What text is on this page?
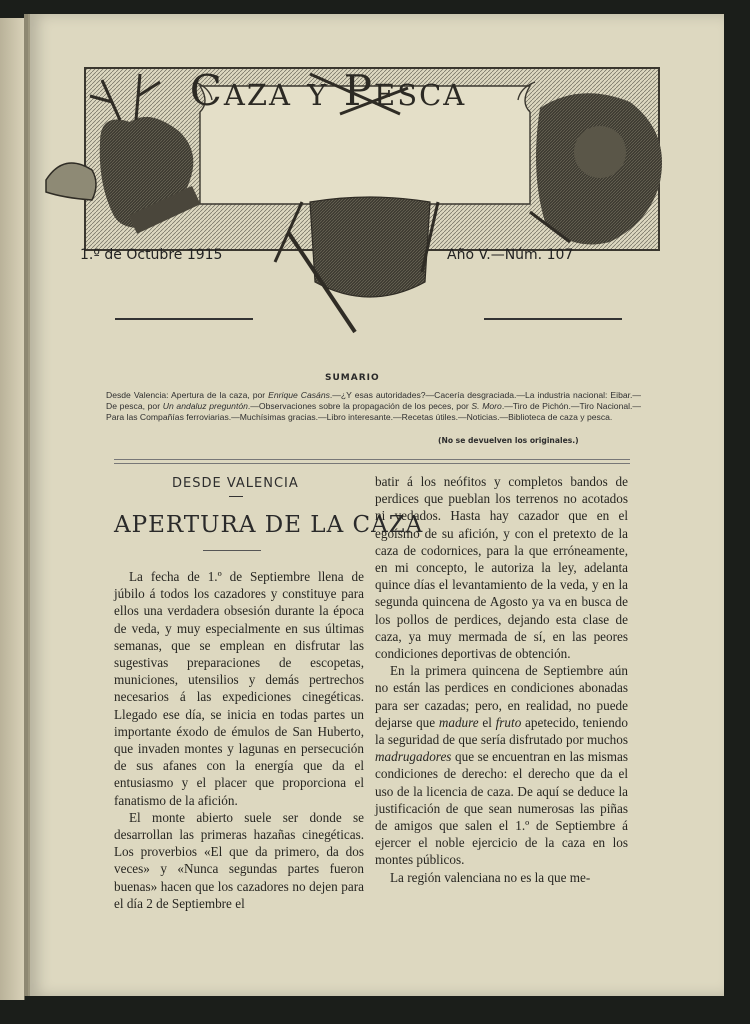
Caza y Pesca
1.º de Octubre 1915	Año V.—Núm. 107
SUMARIO
Desde Valencia: Apertura de la caza, por Enrique Casáns.—¿Y esas autoridades?—Cacería desgraciada.—La industria nacional: Eibar.—De pesca, por Un andaluz preguntón.—Observaciones sobre la propagación de los peces, por S. Moro.—Tiro de Pichón.—Tiro Nacional.—Para las Compañías ferroviarias.—Muchísimas gracias.—Libro interesante.—Recetas útiles.—Noticias.—Biblioteca de caza y pesca.
(No se devuelven los originales.)
DESDE VALENCIA
APERTURA DE LA CAZA

La fecha de 1.º de Septiembre llena de júbilo á todos los cazadores y constituye para ellos una verdadera obsesión durante la época de veda, y muy especialmente en sus últimas semanas, que se emplean en disfrutar las sugestivas preparaciones de escopetas, municiones, utensilios y demás pertrechos necesarios á las expediciones cinegéticas. Llegado ese día, se inicia en todas partes un importante éxodo de émulos de San Huberto, que invaden montes y lagunas en persecución de sus afanes con la energía que da el entusiasmo y el placer que proporciona el fanatismo de la afición.

El monte abierto suele ser donde se desarrollan las primeras hazañas cinegéticas. Los proverbios «El que da primero, da dos veces» y «Nunca segundas partes fueron buenas» hacen que los cazadores no dejen para el día 2 de Septiembre el

batir á los neófitos y completos bandos de perdices que pueblan los terrenos no acotados ni vedados. Hasta hay cazador que en el egoísmo de su afición, y con el pretexto de la caza de codornices, para la que erróneamente, en mi concepto, le autoriza la ley, adelanta quince días el levantamiento de la veda, y en la segunda quincena de Agosto ya va en busca de los pollos de perdices, dejando esta clase de caza, ya muy mermada de sí, en las peores condiciones deportivas de obtención.

En la primera quincena de Septiembre aún no están las perdices en condiciones abonadas para ser cazadas; pero, en realidad, no puede dejarse que madure el fruto apetecido, teniendo la seguridad de que sería disfrutado por muchos madrugadores que se encuentran en las mismas condiciones de derecho: el derecho que da el uso de la licencia de caza. De aquí se deduce la justificación de que sean numerosas las piñas de amigos que salen el 1.º de Septiembre á ejercer el noble ejercicio de la caza en los montes públicos.

La región valenciana no es la que me-
